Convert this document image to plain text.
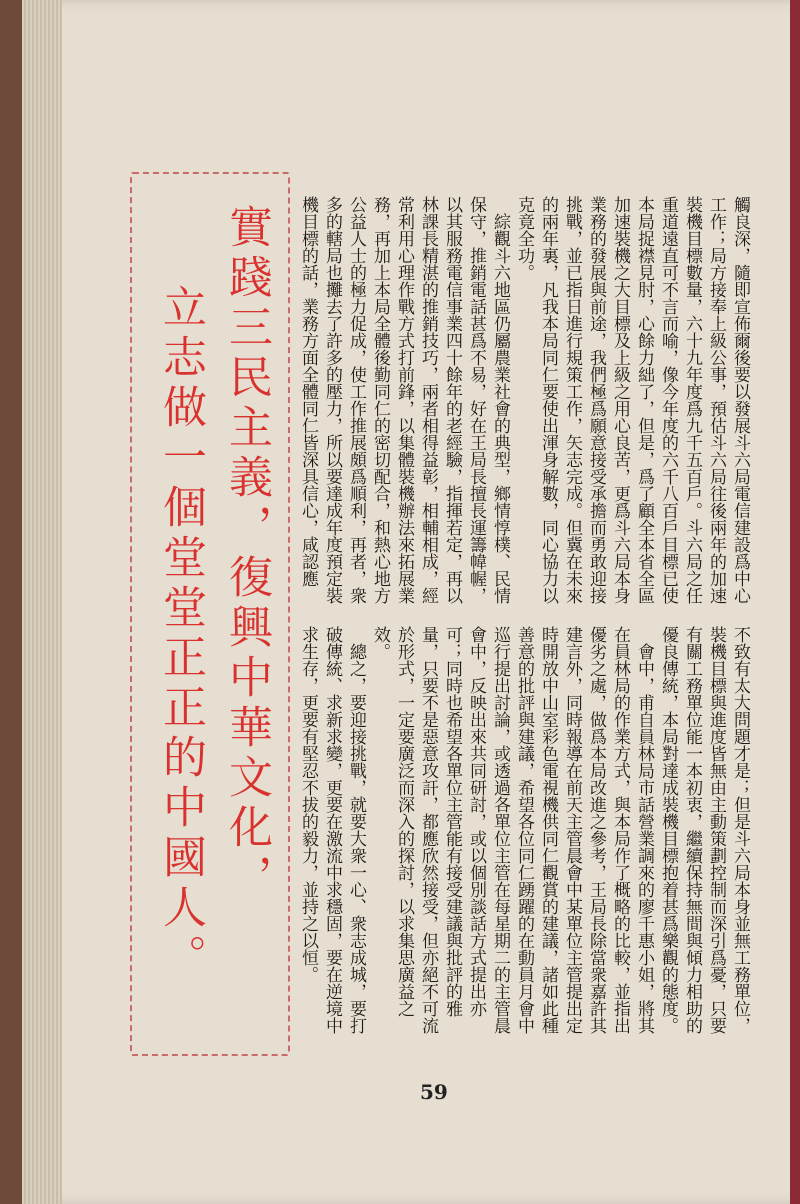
實踐三民主義，復興中華文化，
立志做一個堂堂正正的中國人。	觸良深，隨即宣佈爾後要以發展斗六局電信建設爲中心工作；局方接奉上級公事，預估斗六局往後兩年的加速裝機目標數量，六十九年度爲九千五百戶。斗六局之任重道遠直可不言而喻，像今年度的六千八百戶目標已使本局捉襟見肘，心餘力絀了，但是，爲了顧全本省全區加速裝機之大目標及上級之用心良苦，更爲斗六局本身業務的發展與前途，我們極爲願意接受承擔而勇敢迎接挑戰，並已指日進行規策工作，矢志完成。但冀在未來的兩年裏，凡我本局同仁要使出渾身解數，同心協力以克竟全功。
　綜觀斗六地區仍屬農業社會的典型，鄉情惇樸、民情保守，推銷電話甚爲不易，好在王局長擅長運籌幃幄，以其服務電信事業四十餘年的老經驗，指揮若定，再以林課長精湛的推銷技巧，兩者相得益彰，相輔相成，經常利用心理作戰方式打前鋒，以集體裝機辦法來拓展業務，再加上本局全體後勤同仁的密切配合，和熱心地方公益人士的極力促成，使工作推展頗爲順利，再者，衆多的轄局也攤去了許多的壓力，所以要達成年度預定裝機目標的話，業務方面全體同仁皆深具信心，咸認應
不致有太大問題才是；但是斗六局本身並無工務單位，裝機目標與進度皆無由主動策劃控制而深引爲憂，只要有關工務單位能一本初衷，繼續保持無間與傾力相助的優良傳統，本局對達成裝機目標抱着甚爲樂觀的態度。
　會中，甫自員林局市話營業調來的廖千惠小姐，將其在員林局的作業方式，與本局作了概略的比較，並指出優劣之處，做爲本局改進之參考，王局長除當衆嘉許其建言外，同時報導在前天主管晨會中某單位主管提出定時開放中山室彩色電視機供同仁觀賞的建議，諸如此種善意的批評與建議，希望各位同仁踴躍的在動員月會中巡行提出討論，或透過各單位主管在每星期二的主管晨會中，反映出來共同研討，或以個別談話方式提出亦可；同時也希望各單位主管能有接受建議與批評的雅量，只要不是惡意攻訐，都應欣然接受，但亦絕不可流於形式，一定要廣泛而深入的探討，以求集思廣益之效。
　總之，要迎接挑戰，就要大衆一心、衆志成城，要打破傳統、求新求變，更要在激流中求穩固，要在逆境中求生存，更要有堅忍不拔的毅力，並持之以恒。
59
